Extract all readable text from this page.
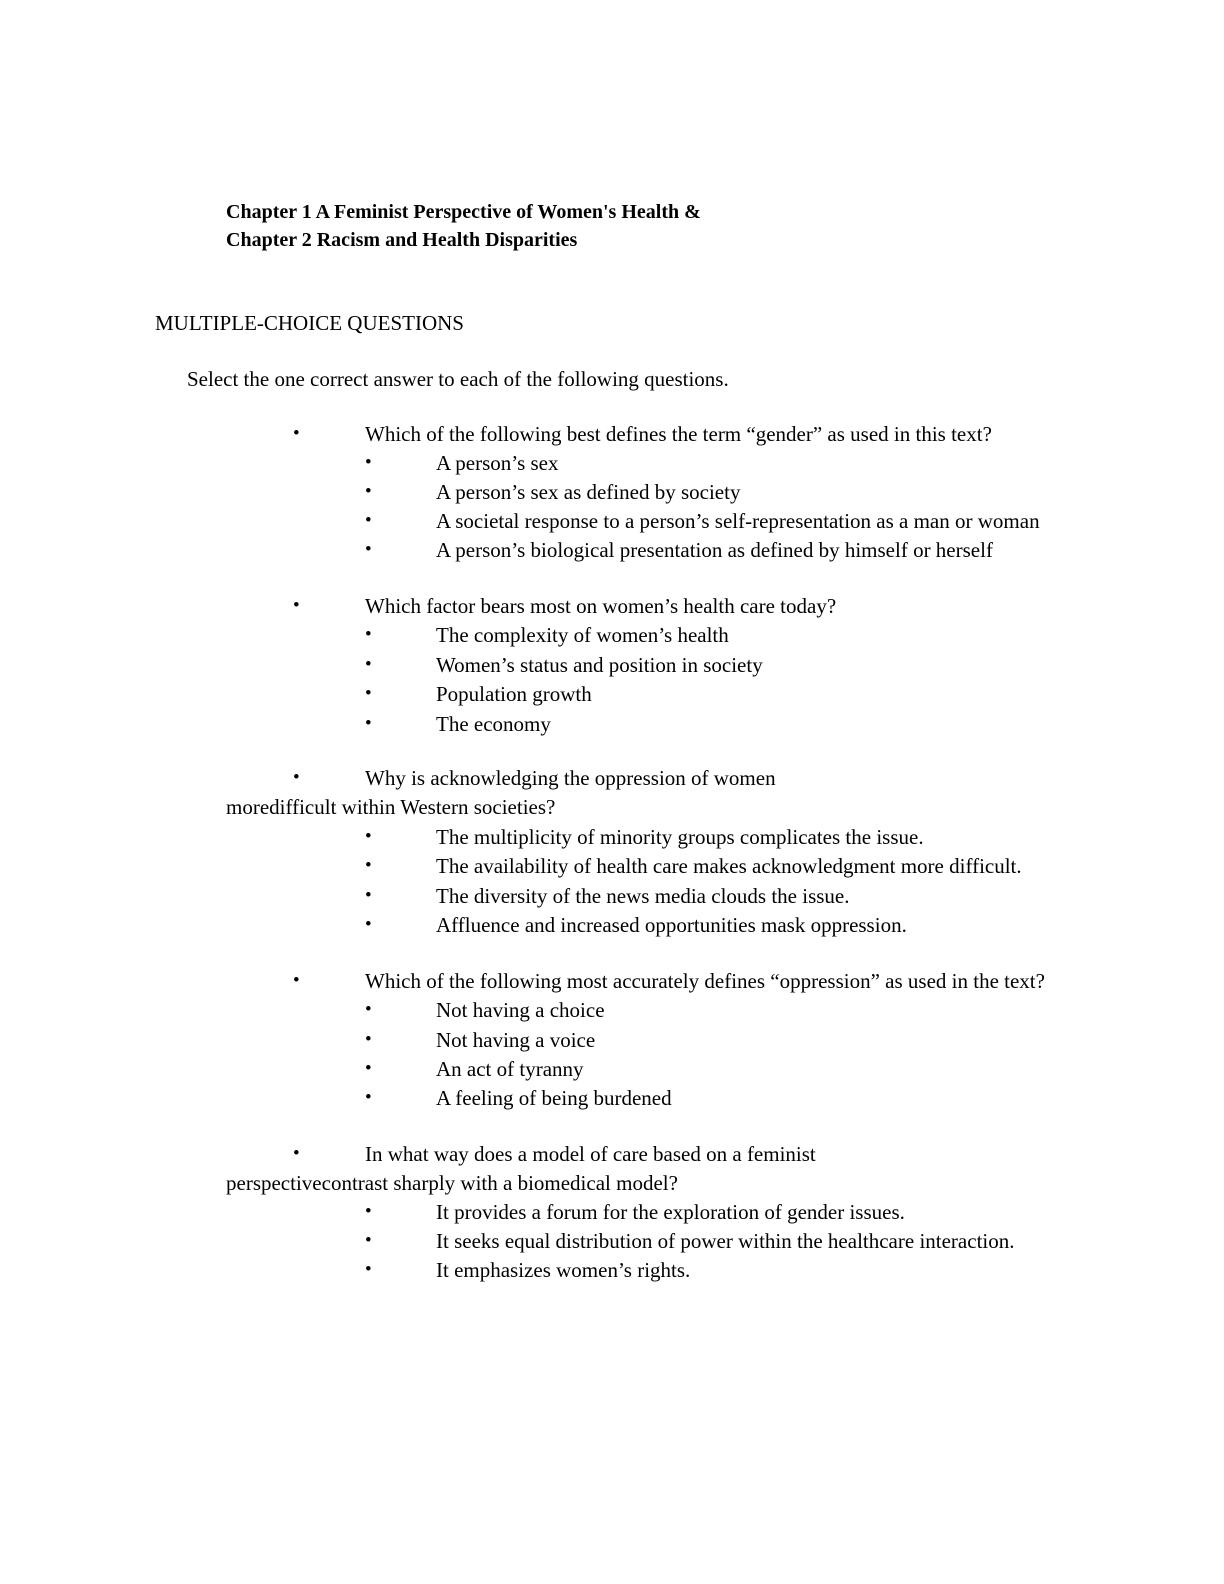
Chapter 1 A Feminist Perspective of Women's Health &
Chapter 2 Racism and Health Disparities
MULTIPLE-CHOICE QUESTIONS
Select the one correct answer to each of the following questions.
•	Which of the following best defines the term “gender” as used in this text?
•	A person’s sex
•	A person’s sex as defined by society
•	A societal response to a person’s self-representation as a man or woman
•	A person’s biological presentation as defined by himself or herself
•	Which factor bears most on women’s health care today?
•	The complexity of women’s health
•	Women’s status and position in society
•	Population growth
•	The economy
•	Why is acknowledging the oppression of women
moredifficult within Western societies?
•	The multiplicity of minority groups complicates the issue.
•	The availability of health care makes acknowledgment more difficult.
•	The diversity of the news media clouds the issue.
•	Affluence and increased opportunities mask oppression.
•	Which of the following most accurately defines “oppression” as used in the text?
•	Not having a choice
•	Not having a voice
•	An act of tyranny
•	A feeling of being burdened
•	In what way does a model of care based on a feminist
perspectivecontrast sharply with a biomedical model?
•	It provides a forum for the exploration of gender issues.
•	It seeks equal distribution of power within the healthcare interaction.
•	It emphasizes women’s rights.
